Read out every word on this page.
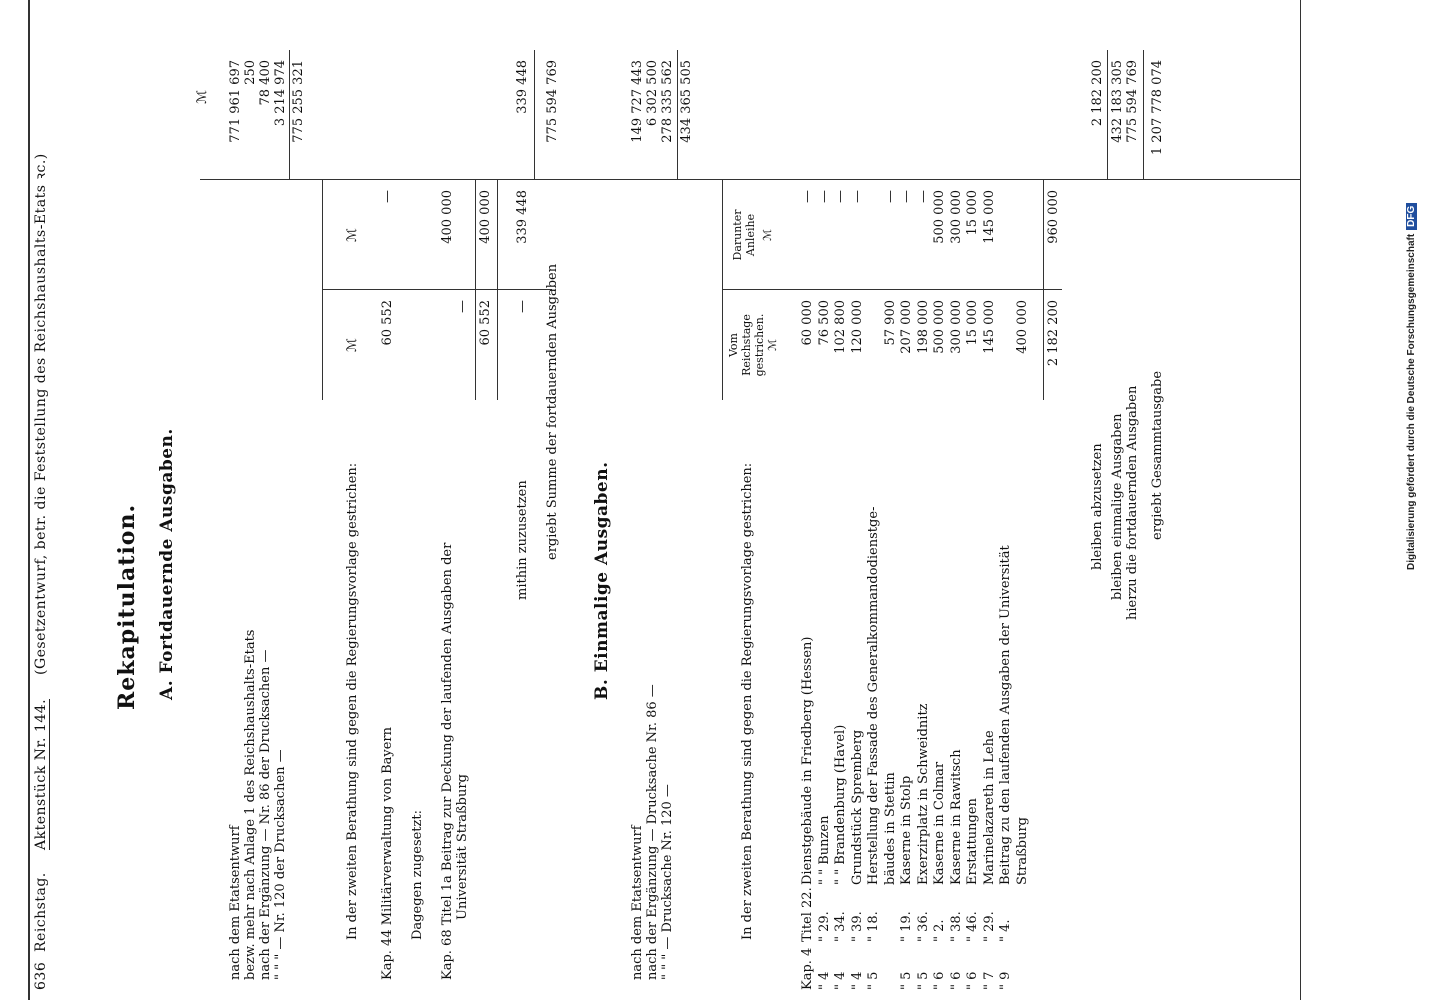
Digitalisierung gefördert durch die Deutsche ForschungsgemeinschaftDFG
636
Reichstag.
Aktenstück Nr. 144.
(Gesetzentwurf, betr. die Feststellung des Reichshaushalts-Etats ꝛc.)	Rekapitulation. A. Fortdauernde Ausgaben.
ℳ
nach dem Etatsentwurf
771 961 697
bezw. mehr nach Anlage 1 des Reichshaushalts-Etats
250
nach der Ergänzung — Nr. 86 der Drucksachen —
78 400
" " " — Nr. 120 der Drucksachen —
3 214 974 775 255 321
In der zweiten Berathung sind gegen die Regierungsvorlage gestrichen:
ℳ
ℳ
Kap. 44 Militärverwaltung von Bayern
60 552
—
Dagegen zugesetzt: Kap. 68 Titel 1a Beitrag zur Deckung der laufenden Ausgaben der Universität Straßburg
—
400 000
60 552
400 000
mithin zuzusetzen
—
339 448
339 448
ergiebt Summe der fortdauernden Ausgaben
775 594 769
B. Einmalige Ausgaben.
nach dem Etatsentwurf
149 727 443
nach der Ergänzung — Drucksache Nr. 86 —
6 302 500
" " " — Drucksache Nr. 120 —
278 335 562 434 365 505
In der zweiten Berathung sind gegen die Regierungsvorlage gestrichen:
Vom Reichstage gestrichen. ℳ
Darunter Anleihe ℳ
Kap. 4
Titel 22.
Dienstgebäude in Friedberg (Hessen)
60 000
—
" 4
" 29.
" " Bunzen
76 500
—
" 4
" 34.
" " Brandenburg (Havel)
102 800
—
" 4
" 39.
Grundstück Spremberg
120 000
—
" 5
" 18.
Herstellung der Fassade des Generalkommandodienstge- bäudes in Stettin
57 900
—
" 5
" 19.
Kaserne in Stolp
207 000
—
" 5
" 36.
Exerzirplatz in Schweidnitz
198 000
—
" 6
" 2.
Kaserne in Colmar
500 000
500 000
" 6
" 38.
Kaserne in Rawitsch
300 000
300 000
" 6
" 46.
Erstattungen
15 000
15 000
" 7
" 29.
Marinelazareth in Lehe
145 000
145 000
" 9
" 4.
Beitrag zu den laufenden Ausgaben der Universität Straßburg
400 000 2 182 200
960 000
bleiben abzusetzen
2 182 200
bleiben einmalige Ausgaben
432 183 305
hierzu die fortdauernden Ausgaben
775 594 769
ergiebt Gesammtausgabe
1 207 778 074
